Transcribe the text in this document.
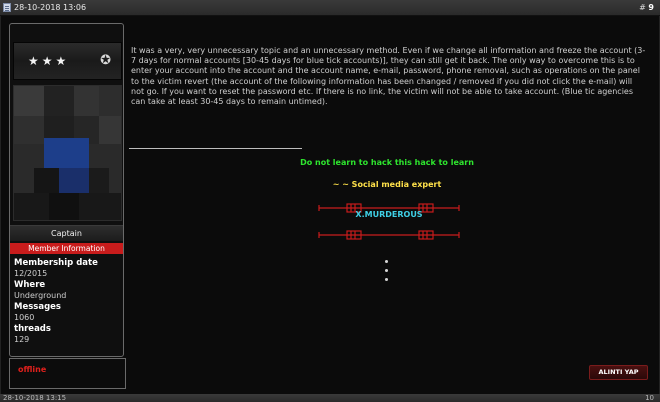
28-10-2018 13:06	# 9
★★★ ✪
Captain
Member Information
Membership date
12/2015
Where
Underground
Messages
1060
threads
129
offline
It was a very, very unnecessary topic and an unnecessary method. Even if we change all information and freeze the account (3-7 days for normal accounts [30-45 days for blue tick accounts)], they can still get it back. The only way to overcome this is to enter your account into the account and the account name, e-mail, password, phone removal, such as operations on the panel to the victim revert (the account of the following information has been changed / removed if you did not click the e-mail) will not go. If you want to reset the password etc. If there is no link, the victim will not be able to take account. (Blue tic agencies can take at least 30-45 days to remain untimed).
Do not learn to hack this hack to learn
~ ~ Social media expert
X.MURDEROUS
ALINTI YAP
28-10-2018 13:15	10
